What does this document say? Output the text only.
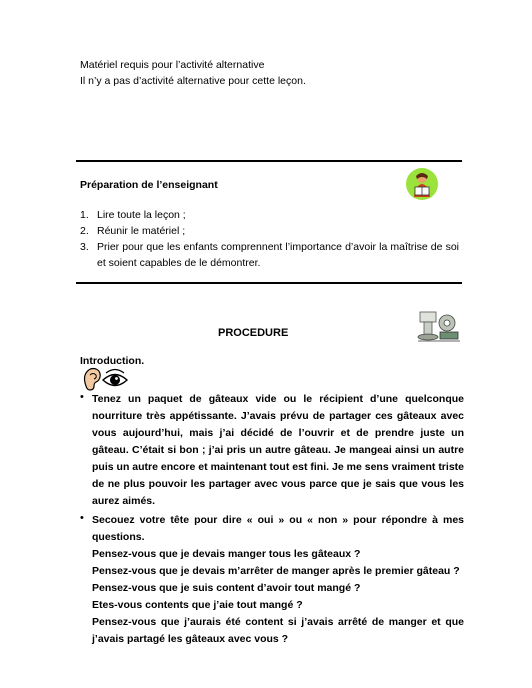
Matériel requis pour l’activité alternative
Il n’y a pas d’activité alternative pour cette leçon.
Préparation de l’enseignant
1. Lire toute la leçon ;
2. Réunir le matériel ;
3. Prier pour que les enfants comprennent l’importance d’avoir la maîtrise de soi et soient capables de le démontrer.
PROCEDURE
Introduction.
• Tenez un paquet de gâteaux vide ou le récipient d’une quelconque nourriture très appétissante. J’avais prévu de partager ces gâteaux avec vous aujourd’hui, mais j’ai décidé de l’ouvrir et de prendre juste un gâteau. C’était si bon ; j’ai pris un autre gâteau. Je mangeai ainsi un autre puis un autre encore et maintenant tout est fini. Je me sens vraiment triste de ne plus pouvoir les partager avec vous parce que je sais que vous les aurez aimés.
• Secouez votre tête pour dire « oui » ou « non » pour répondre à mes questions.
Pensez-vous que je devais manger tous les gâteaux ?
Pensez-vous que je devais m’arrêter de manger après le premier gâteau ?
Pensez-vous que je suis content d’avoir tout mangé ?
Etes-vous contents que j’aie tout mangé ?
Pensez-vous que j’aurais été content si j’avais arrêté de manger et que j’avais partagé les gâteaux avec vous ?
